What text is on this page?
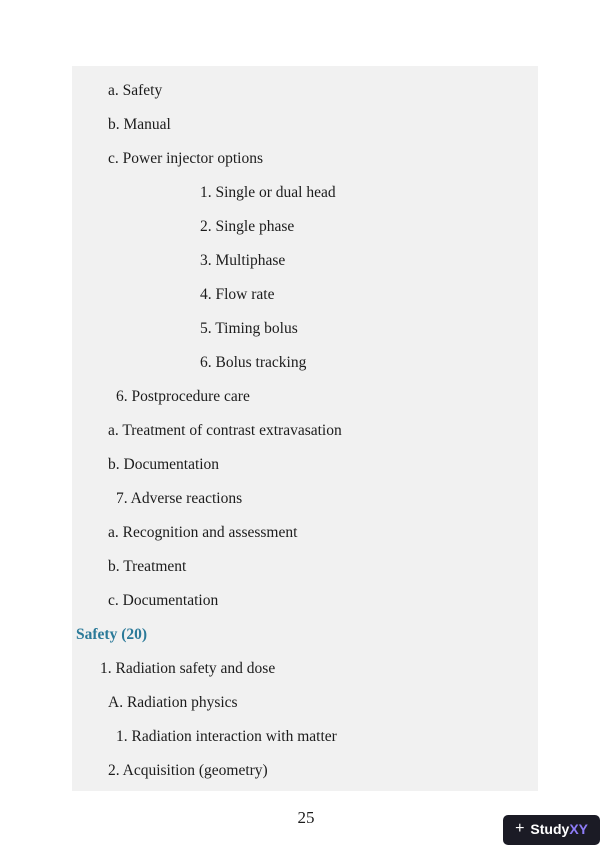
a. Safety
b. Manual
c. Power injector options
1. Single or dual head
2. Single phase
3. Multiphase
4. Flow rate
5. Timing bolus
6. Bolus tracking
6. Postprocedure care
a. Treatment of contrast extravasation
b. Documentation
7. Adverse reactions
a. Recognition and assessment
b. Treatment
c. Documentation
Safety (20)
1. Radiation safety and dose
A. Radiation physics
1. Radiation interaction with matter
2. Acquisition (geometry)
25
+ StudyXY
